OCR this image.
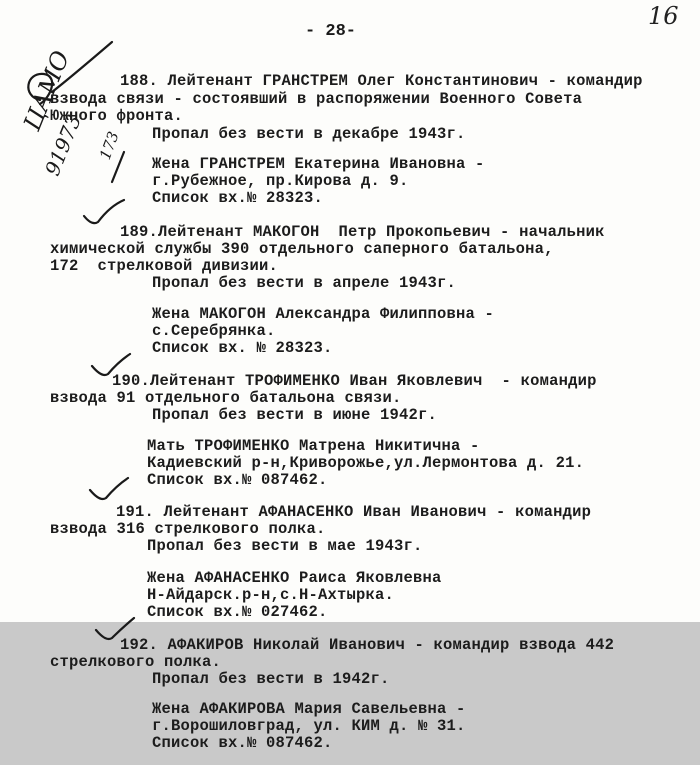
- 28-
16
ЦАМО
91973 173
188. Лейтенант ГРАНСТРЕМ Олег Константинович - командир
взвода связи - состоявший в распоряжении Военного Совета
Южного фронта.
Пропал без вести в декабре 1943г.
Жена ГРАНСТРЕМ Екатерина Ивановна -
г.Рубежное, пр.Кирова д. 9.
Список вх.№ 28323.
189.Лейтенант МАКОГОН  Петр Прокопьевич - начальник
химической службы 390 отдельного саперного батальона,
172  стрелковой дивизии.
Пропал без вести в апреле 1943г.
Жена МАКОГОН Александра Филипповна -
с.Серебрянка.
Список вх. № 28323.
190.Лейтенант ТРОФИМЕНКО Иван Яковлевич  - командир
взвода 91 отдельного батальона связи.
Пропал без вести в июне 1942г.
Мать ТРОФИМЕНКО Матрена Никитична -
Кадиевский р-н,Криворожье,ул.Лермонтова д. 21.
Список вх.№ 087462.
191. Лейтенант АФАНАСЕНКО Иван Иванович - командир
взвода 316 стрелкового полка.
Пропал без вести в мае 1943г.
Жена АФАНАСЕНКО Раиса Яковлевна
Н-Айдарск.р-н,с.Н-Ахтырка.
Список вх.№ 027462.
192. АФАКИРОВ Николай Иванович - командир взвода 442
стрелкового полка.
Пропал без вести в 1942г.
Жена АФАКИРОВА Мария Савельевна -
г.Ворошиловград, ул. КИМ д. № 31.
Список вх.№ 087462.
